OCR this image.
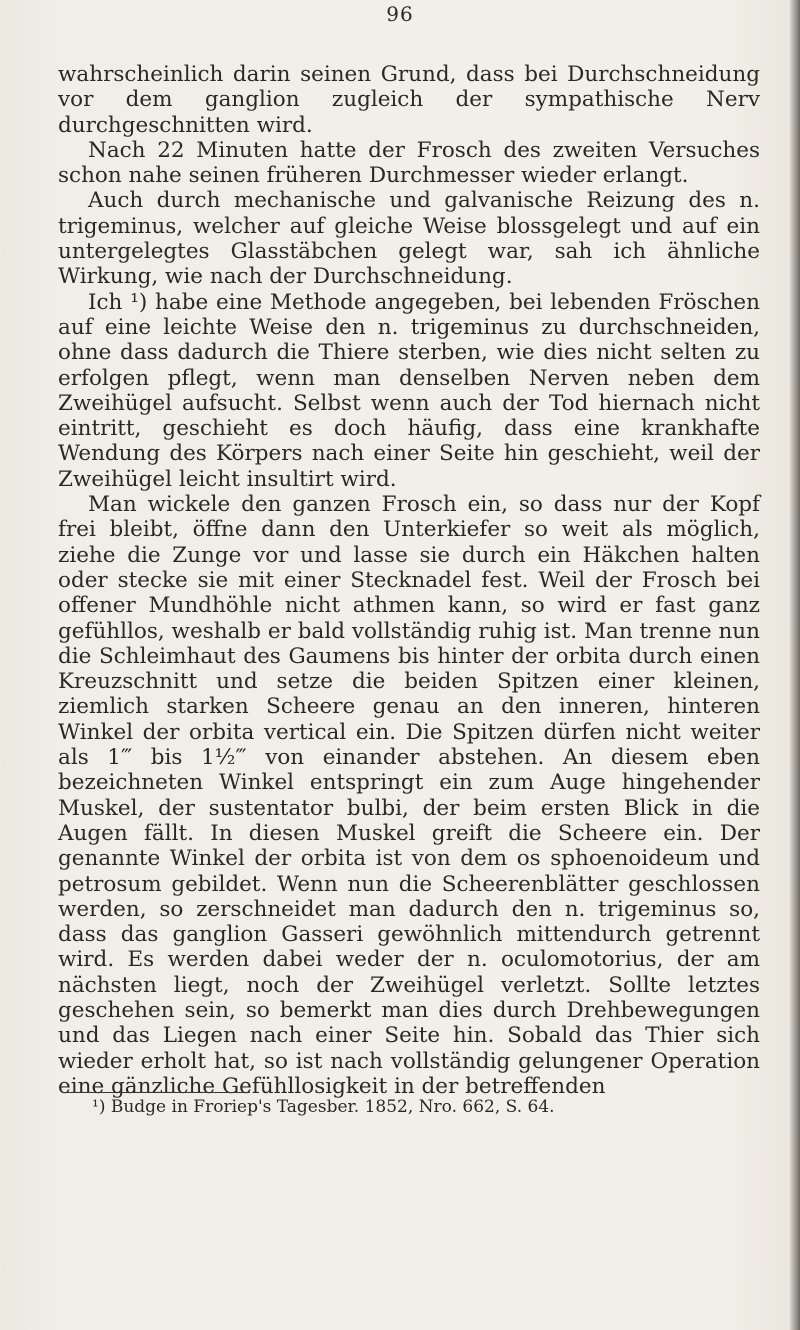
96

wahrscheinlich darin seinen Grund, dass bei Durchschneidung vor dem ganglion zugleich der sympathische Nerv durchgeschnitten wird.

Nach 22 Minuten hatte der Frosch des zweiten Versuches schon nahe seinen früheren Durchmesser wieder erlangt.

Auch durch mechanische und galvanische Reizung des n. trigeminus, welcher auf gleiche Weise blossgelegt und auf ein untergelegtes Glasstäbchen gelegt war, sah ich ähnliche Wirkung, wie nach der Durchschneidung.

Ich ¹) habe eine Methode angegeben, bei lebenden Fröschen auf eine leichte Weise den n. trigeminus zu durchschneiden, ohne dass dadurch die Thiere sterben, wie dies nicht selten zu erfolgen pflegt, wenn man denselben Nerven neben dem Zweihügel aufsucht. Selbst wenn auch der Tod hiernach nicht eintritt, geschieht es doch häufig, dass eine krankhafte Wendung des Körpers nach einer Seite hin geschieht, weil der Zweihügel leicht insultirt wird.

Man wickele den ganzen Frosch ein, so dass nur der Kopf frei bleibt, öffne dann den Unterkiefer so weit als möglich, ziehe die Zunge vor und lasse sie durch ein Häkchen halten oder stecke sie mit einer Stecknadel fest. Weil der Frosch bei offener Mundhöhle nicht athmen kann, so wird er fast ganz gefühllos, weshalb er bald vollständig ruhig ist. Man trenne nun die Schleimhaut des Gaumens bis hinter der orbita durch einen Kreuzschnitt und setze die beiden Spitzen einer kleinen, ziemlich starken Scheere genau an den inneren, hinteren Winkel der orbita vertical ein. Die Spitzen dürfen nicht weiter als 1‴ bis 1½‴ von einander abstehen. An diesem eben bezeichneten Winkel entspringt ein zum Auge hingehender Muskel, der sustentator bulbi, der beim ersten Blick in die Augen fällt. In diesen Muskel greift die Scheere ein. Der genannte Winkel der orbita ist von dem os sphoenoideum und petrosum gebildet. Wenn nun die Scheerenblätter geschlossen werden, so zerschneidet man dadurch den n. trigeminus so, dass das ganglion Gasseri gewöhnlich mittendurch getrennt wird. Es werden dabei weder der n. oculomotorius, der am nächsten liegt, noch der Zweihügel verletzt. Sollte letztes geschehen sein, so bemerkt man dies durch Drehbewegungen und das Liegen nach einer Seite hin. Sobald das Thier sich wieder erholt hat, so ist nach vollständig gelungener Operation eine gänzliche Gefühllosigkeit in der betreffenden

¹) Budge in Froriep's Tagesber. 1852, Nro. 662, S. 64.
